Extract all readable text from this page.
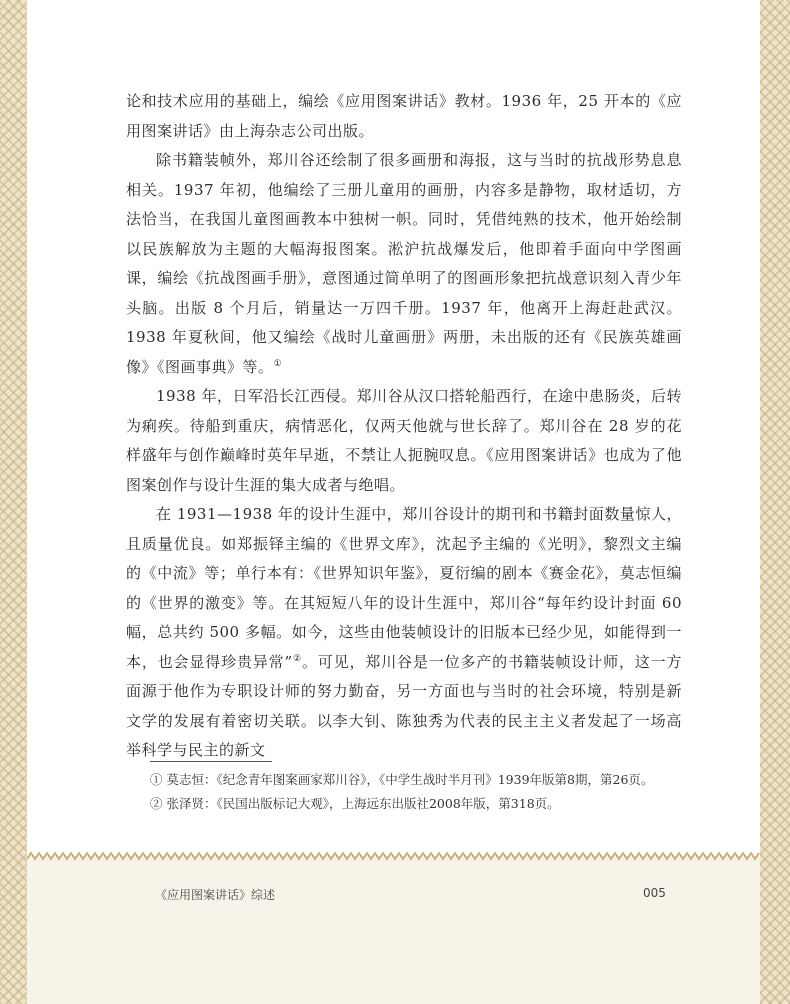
论和技术应用的基础上，编绘《应用图案讲话》教材。1936 年，25 开本的《应用图案讲话》由上海杂志公司出版。

除书籍装帧外，郑川谷还绘制了很多画册和海报，这与当时的抗战形势息息相关。1937 年初，他编绘了三册儿童用的画册，内容多是静物，取材适切，方法恰当，在我国儿童图画教本中独树一帜。同时，凭借纯熟的技术，他开始绘制以民族解放为主题的大幅海报图案。淞沪抗战爆发后，他即着手面向中学图画课，编绘《抗战图画手册》，意图通过简单明了的图画形象把抗战意识刻入青少年头脑。出版 8 个月后，销量达一万四千册。1937 年，他离开上海赶赴武汉。1938 年夏秋间，他又编绘《战时儿童画册》两册，未出版的还有《民族英雄画像》《图画事典》等。①

1938 年，日军沿长江西侵。郑川谷从汉口搭轮船西行，在途中患肠炎，后转为痢疾。待船到重庆，病情恶化，仅两天他就与世长辞了。郑川谷在 28 岁的花样盛年与创作巅峰时英年早逝，不禁让人扼腕叹息。《应用图案讲话》也成为了他图案创作与设计生涯的集大成者与绝唱。

在 1931—1938 年的设计生涯中，郑川谷设计的期刊和书籍封面数量惊人，且质量优良。如郑振铎主编的《世界文库》，沈起予主编的《光明》，黎烈文主编的《中流》等；单行本有：《世界知识年鉴》，夏衍编的剧本《赛金花》，莫志恒编的《世界的激变》等。在其短短八年的设计生涯中，郑川谷“每年约设计封面 60 幅，总共约 500 多幅。如今，这些由他装帧设计的旧版本已经少见，如能得到一本，也会显得珍贵异常”②。可见，郑川谷是一位多产的书籍装帧设计师，这一方面源于他作为专职设计师的努力勤奋，另一方面也与当时的社会环境，特别是新文学的发展有着密切关联。以李大钊、陈独秀为代表的民主主义者发起了一场高举科学与民主的新文

① 莫志恒：《纪念青年图案画家郑川谷》，《中学生战时半月刊》1939年版第8期，第26页。
② 张泽贤：《民国出版标记大观》，上海远东出版社2008年版，第318页。
《应用图案讲话》综述	005
